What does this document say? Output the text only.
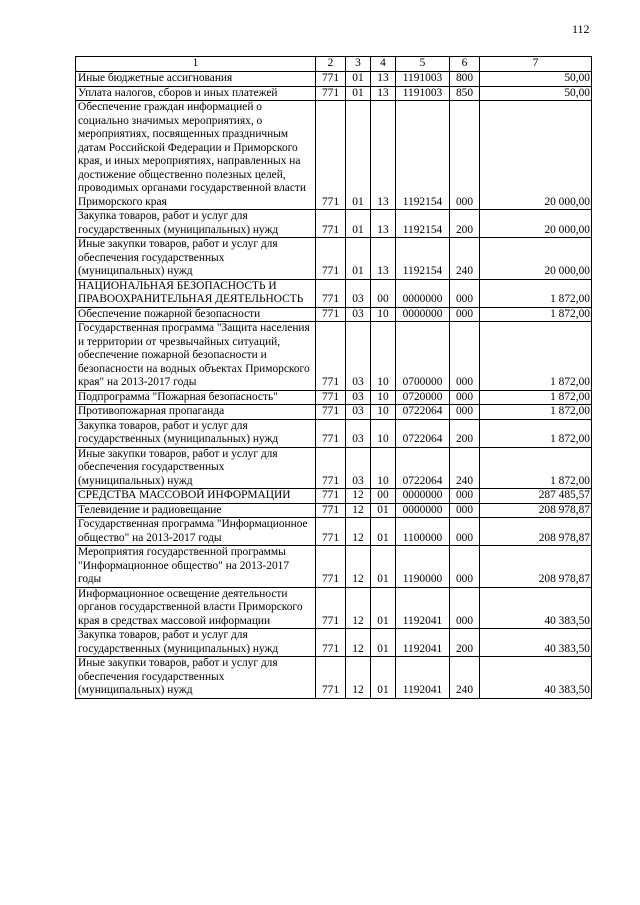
112
1	2	3	4	5	6	7
Иные бюджетные ассигнования	771	01	13	1191003	800	50,00
Уплата налогов, сборов и иных платежей	771	01	13	1191003	850	50,00
Обеспечение граждан информацией о социально значимых мероприятиях, о мероприятиях, посвященных праздничным датам Российской Федерации и Приморского края, и иных мероприятиях, направленных на достижение общественно полезных целей, проводимых органами государственной власти Приморского края	771	01	13	1192154	000	20 000,00
Закупка товаров, работ и услуг для государственных (муниципальных) нужд	771	01	13	1192154	200	20 000,00
Иные закупки товаров, работ и услуг для обеспечения государственных (муниципальных) нужд	771	01	13	1192154	240	20 000,00
НАЦИОНАЛЬНАЯ БЕЗОПАСНОСТЬ И ПРАВООХРАНИТЕЛЬНАЯ ДЕЯТЕЛЬНОСТЬ	771	03	00	0000000	000	1 872,00
Обеспечение пожарной безопасности	771	03	10	0000000	000	1 872,00
Государственная программа "Защита населения и территории от чрезвычайных ситуаций, обеспечение пожарной безопасности и безопасности на водных объектах Приморского края" на 2013-2017 годы	771	03	10	0700000	000	1 872,00
Подпрограмма "Пожарная безопасность"	771	03	10	0720000	000	1 872,00
Противопожарная пропаганда	771	03	10	0722064	000	1 872,00
Закупка товаров, работ и услуг для государственных (муниципальных) нужд	771	03	10	0722064	200	1 872,00
Иные закупки товаров, работ и услуг для обеспечения государственных (муниципальных) нужд	771	03	10	0722064	240	1 872,00
СРЕДСТВА МАССОВОЙ ИНФОРМАЦИИ	771	12	00	0000000	000	287 485,57
Телевидение и радиовещание	771	12	01	0000000	000	208 978,87
Государственная программа "Информационное общество" на 2013-2017 годы	771	12	01	1100000	000	208 978,87
Мероприятия государственной программы "Информационное общество" на 2013-2017 годы	771	12	01	1190000	000	208 978,87
Информационное освещение деятельности органов государственной власти Приморского края в средствах массовой информации	771	12	01	1192041	000	40 383,50
Закупка товаров, работ и услуг для государственных (муниципальных) нужд	771	12	01	1192041	200	40 383,50
Иные закупки товаров, работ и услуг для обеспечения государственных (муниципальных) нужд	771	12	01	1192041	240	40 383,50
